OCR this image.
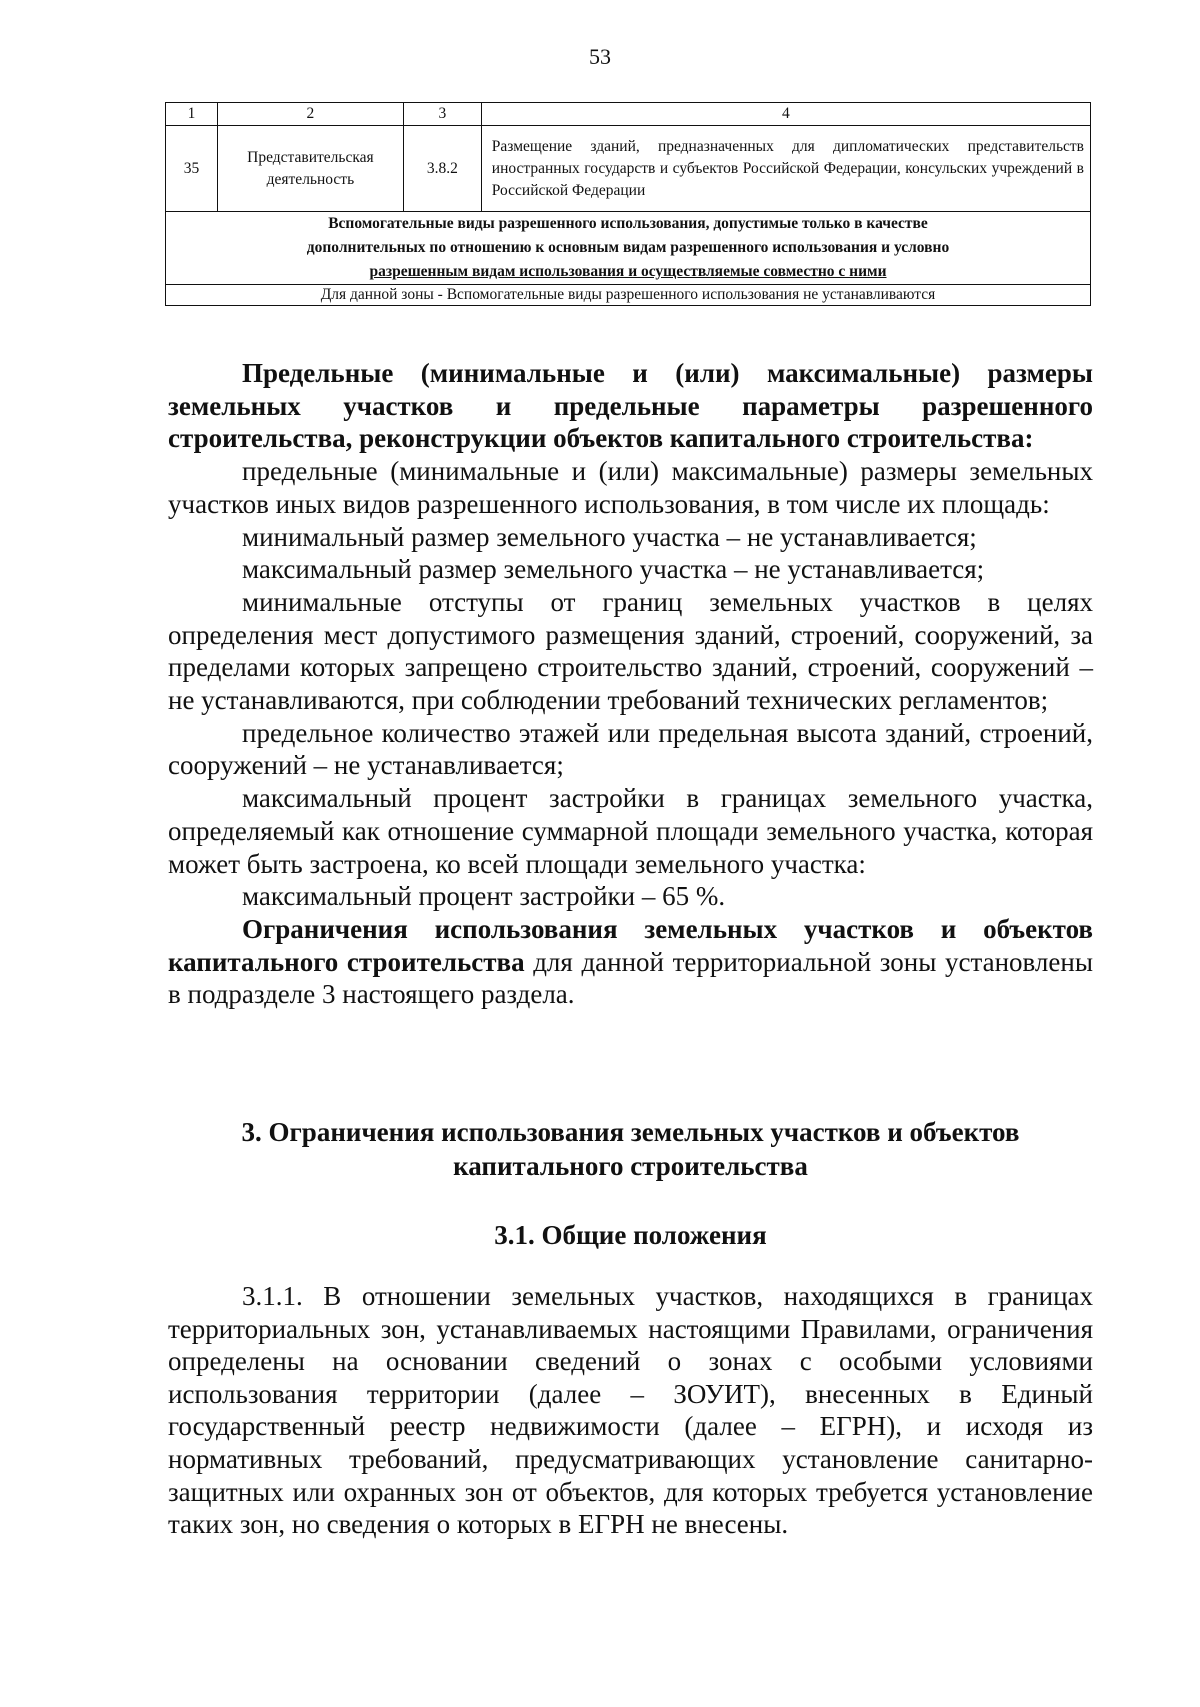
53
1	2	3	4
35	Представительская деятельность	3.8.2	Размещение зданий, предназначенных для дипломатических представительств иностранных государств и субъектов Российской Федерации, консульских учреждений в Российской Федерации

Вспомогательные виды разрешенного использования, допустимые только в качестве
дополнительных по отношению к основным видам разрешенного использования и условно
разрешенным видам использования и осуществляемые совместно с ними			

Для данной зоны - Вспомогательные виды разрешенного использования не устанавливаются			

Предельные (минимальные и (или) максимальные) размеры земельных участков и предельные параметры разрешенного строительства, реконструкции объектов капитального строительства:

предельные (минимальные и (или) максимальные) размеры земельных участков иных видов разрешенного использования, в том числе их площадь:

минимальный размер земельного участка – не устанавливается;

максимальный размер земельного участка – не устанавливается;

минимальные отступы от границ земельных участков в целях определения мест допустимого размещения зданий, строений, сооружений, за пределами которых запрещено строительство зданий, строений, сооружений – не устанавливаются, при соблюдении требований технических регламентов;

предельное количество этажей или предельная высота зданий, строений, сооружений – не устанавливается;

максимальный процент застройки в границах земельного участка, определяемый как отношение суммарной площади земельного участка, которая может быть застроена, ко всей площади земельного участка:

максимальный процент застройки – 65 %.

Ограничения использования земельных участков и объектов капитального строительства для данной территориальной зоны установлены в подразделе 3 настоящего раздела.

3. Ограничения использования земельных участков и объектов
капитального строительства
3.1. Общие положения

3.1.1. В отношении земельных участков, находящихся в границах территориальных зон, устанавливаемых настоящими Правилами, ограничения определены на основании сведений о зонах с особыми условиями использования территории (далее – ЗОУИТ), внесенных в Единый государственный реестр недвижимости (далее – ЕГРН), и исходя из нормативных требований, предусматривающих установление санитарно-защитных или охранных зон от объектов, для которых требуется установление таких зон, но сведения о которых в ЕГРН не внесены.
